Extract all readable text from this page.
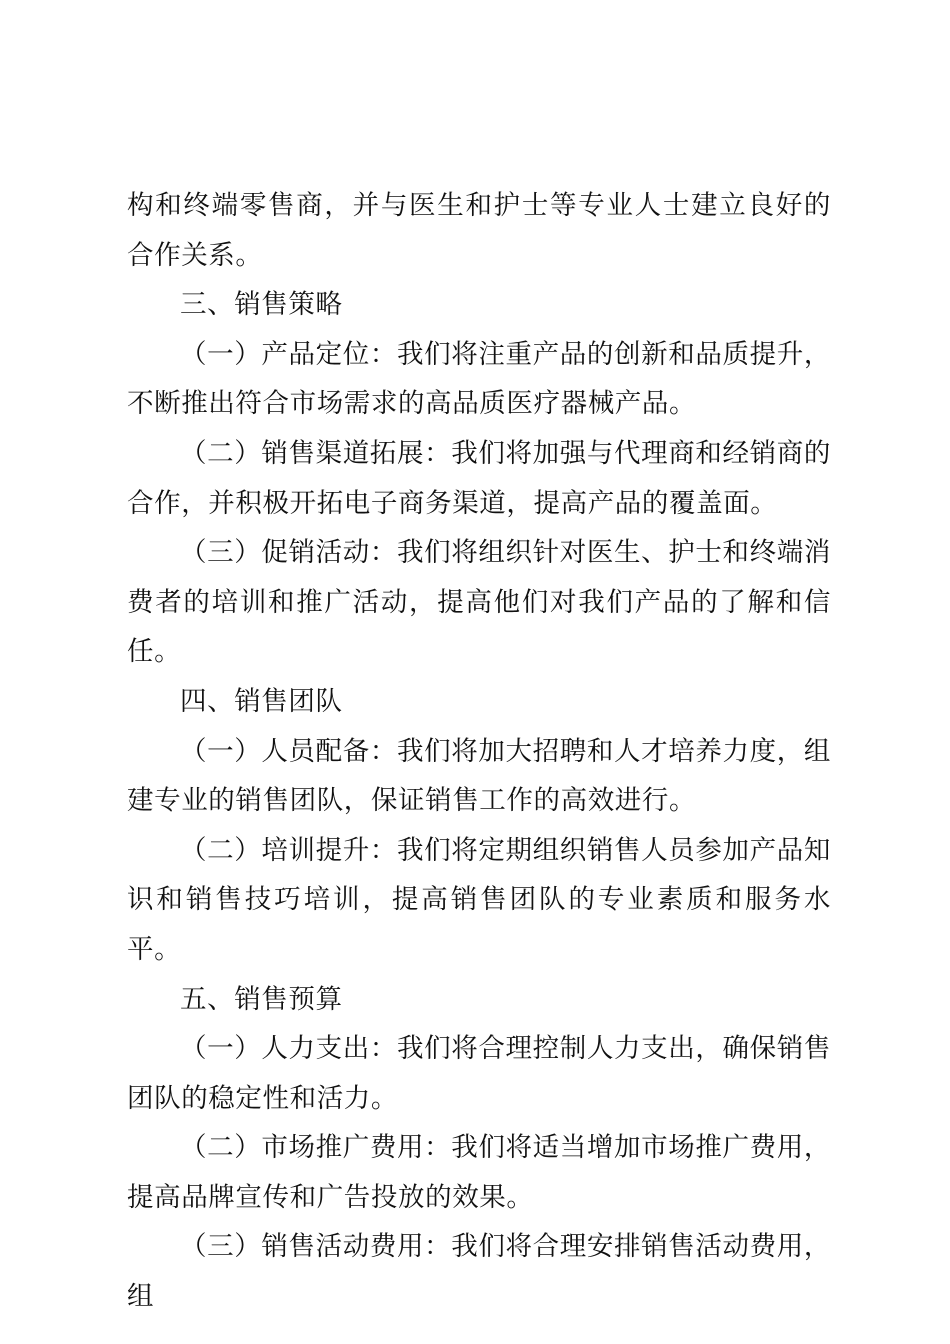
构和终端零售商，并与医生和护士等专业人士建立良好的合作关系。

三、销售策略

（一）产品定位：我们将注重产品的创新和品质提升，不断推出符合市场需求的高品质医疗器械产品。

（二）销售渠道拓展：我们将加强与代理商和经销商的合作，并积极开拓电子商务渠道，提高产品的覆盖面。

（三）促销活动：我们将组织针对医生、护士和终端消费者的培训和推广活动，提高他们对我们产品的了解和信任。

四、销售团队

（一）人员配备：我们将加大招聘和人才培养力度，组建专业的销售团队，保证销售工作的高效进行。

（二）培训提升：我们将定期组织销售人员参加产品知识和销售技巧培训，提高销售团队的专业素质和服务水平。

五、销售预算

（一）人力支出：我们将合理控制人力支出，确保销售团队的稳定性和活力。

（二）市场推广费用：我们将适当增加市场推广费用，提高品牌宣传和广告投放的效果。

（三）销售活动费用：我们将合理安排销售活动费用，组
